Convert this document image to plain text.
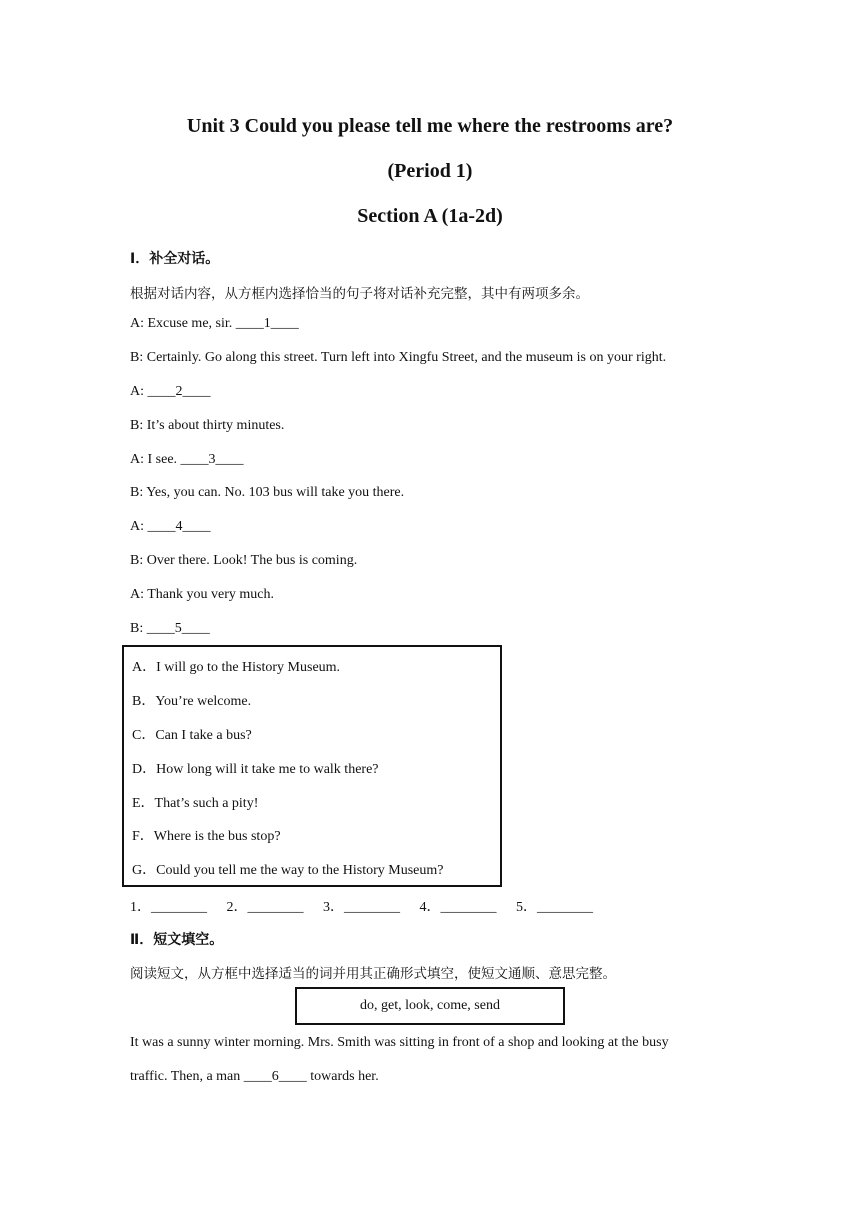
Unit 3 Could you please tell me where the restrooms are?
(Period 1)
Section A (1a-2d)
Ⅰ．补全对话。
根据对话内容，从方框内选择恰当的句子将对话补充完整，其中有两项多余。
A: Excuse me, sir. ____1____
B: Certainly. Go along this street. Turn left into Xingfu Street, and the museum is on your right.
A: ____2____
B: It’s about thirty minutes.
A: I see. ____3____
B: Yes, you can. No. 103 bus will take you there.
A: ____4____
B: Over there. Look! The bus is coming.
A: Thank you very much.
B: ____5____
A．I will go to the History Museum.
B．You’re welcome.
C．Can I take a bus?
D．How long will it take me to walk there?
E．That’s such a pity!
F．Where is the bus stop?
G．Could you tell me the way to the History Museum?
1．________ 2．________ 3．________ 4．________ 5．________
Ⅱ．短文填空。
阅读短文，从方框中选择适当的词并用其正确形式填空，使短文通顺、意思完整。
do, get, look, come, send
It was a sunny winter morning. Mrs. Smith was sitting in front of a shop and looking at the busy
traffic. Then, a man ____6____ towards her.
